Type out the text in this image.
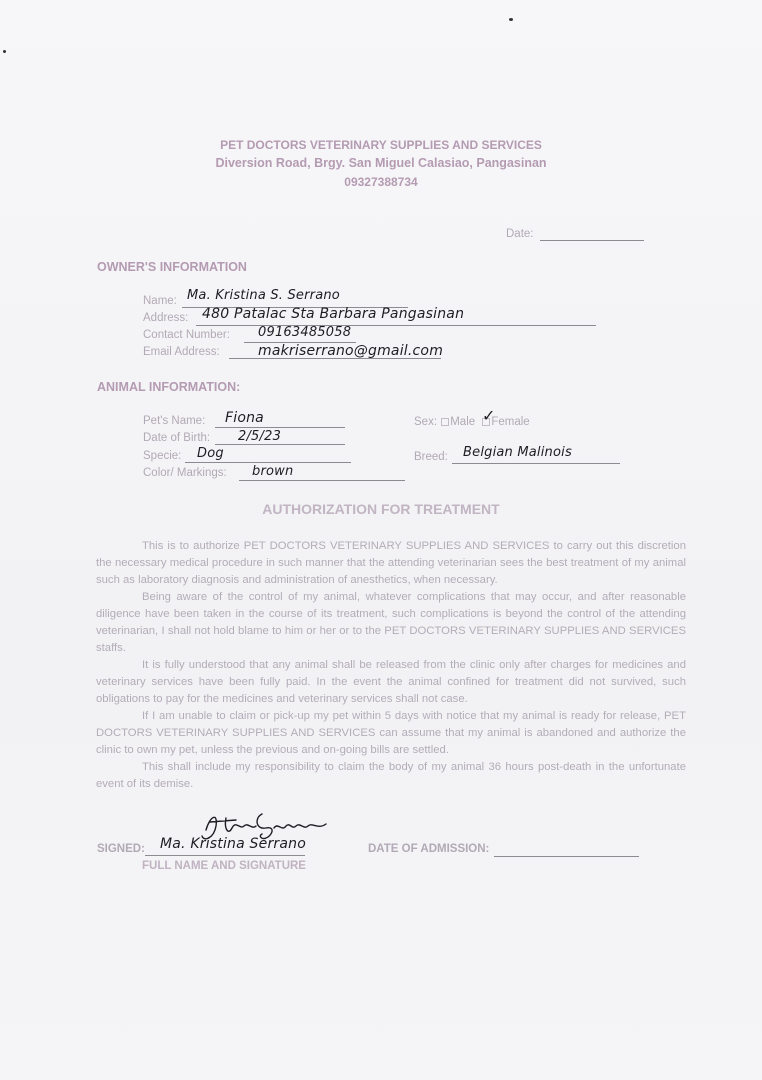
PET DOCTORS VETERINARY SUPPLIES AND SERVICES
Diversion Road, Brgy. San Miguel Calasiao, Pangasinan
09327388734
Date:
OWNER'S INFORMATION
Name: Ma. Kristina S. Serrano
Address: 480 Patalac Sta Barbara Pangasinan
Contact Number: 09163485058
Email Address:	makriserrano@gmail.com
ANIMAL INFORMATION:
Pet's Name: Fiona
Date of Birth: 2/5/23
Specie: Dog
Color/ Markings: brown
Sex: Male Female
✓
Breed: Belgian Malinois
AUTHORIZATION FOR TREATMENT
This is to authorize PET DOCTORS VETERINARY SUPPLIES AND SERVICES to carry out this discretion the necessary medical procedure in such manner that the attending veterinarian sees the best treatment of my animal such as laboratory diagnosis and administration of anesthetics, when necessary.
Being aware of the control of my animal, whatever complications that may occur, and after reasonable diligence have been taken in the course of its treatment, such complications is beyond the control of the attending veterinarian, I shall not hold blame to him or her or to the PET DOCTORS VETERINARY SUPPLIES AND SERVICES staffs.
It is fully understood that any animal shall be released from the clinic only after charges for medicines and veterinary services have been fully paid. In the event the animal confined for treatment did not survived, such obligations to pay for the medicines and veterinary services shall not case.
If I am unable to claim or pick-up my pet within 5 days with notice that my animal is ready for release, PET DOCTORS VETERINARY SUPPLIES AND SERVICES can assume that my animal is abandoned and authorize the clinic to own my pet, unless the previous and on-going bills are settled.
This shall include my responsibility to claim the body of my animal 36 hours post-death in the unfortunate event of its demise.
SIGNED: Ma. Kristina Serrano
FULL NAME AND SIGNATURE
DATE OF ADMISSION:
